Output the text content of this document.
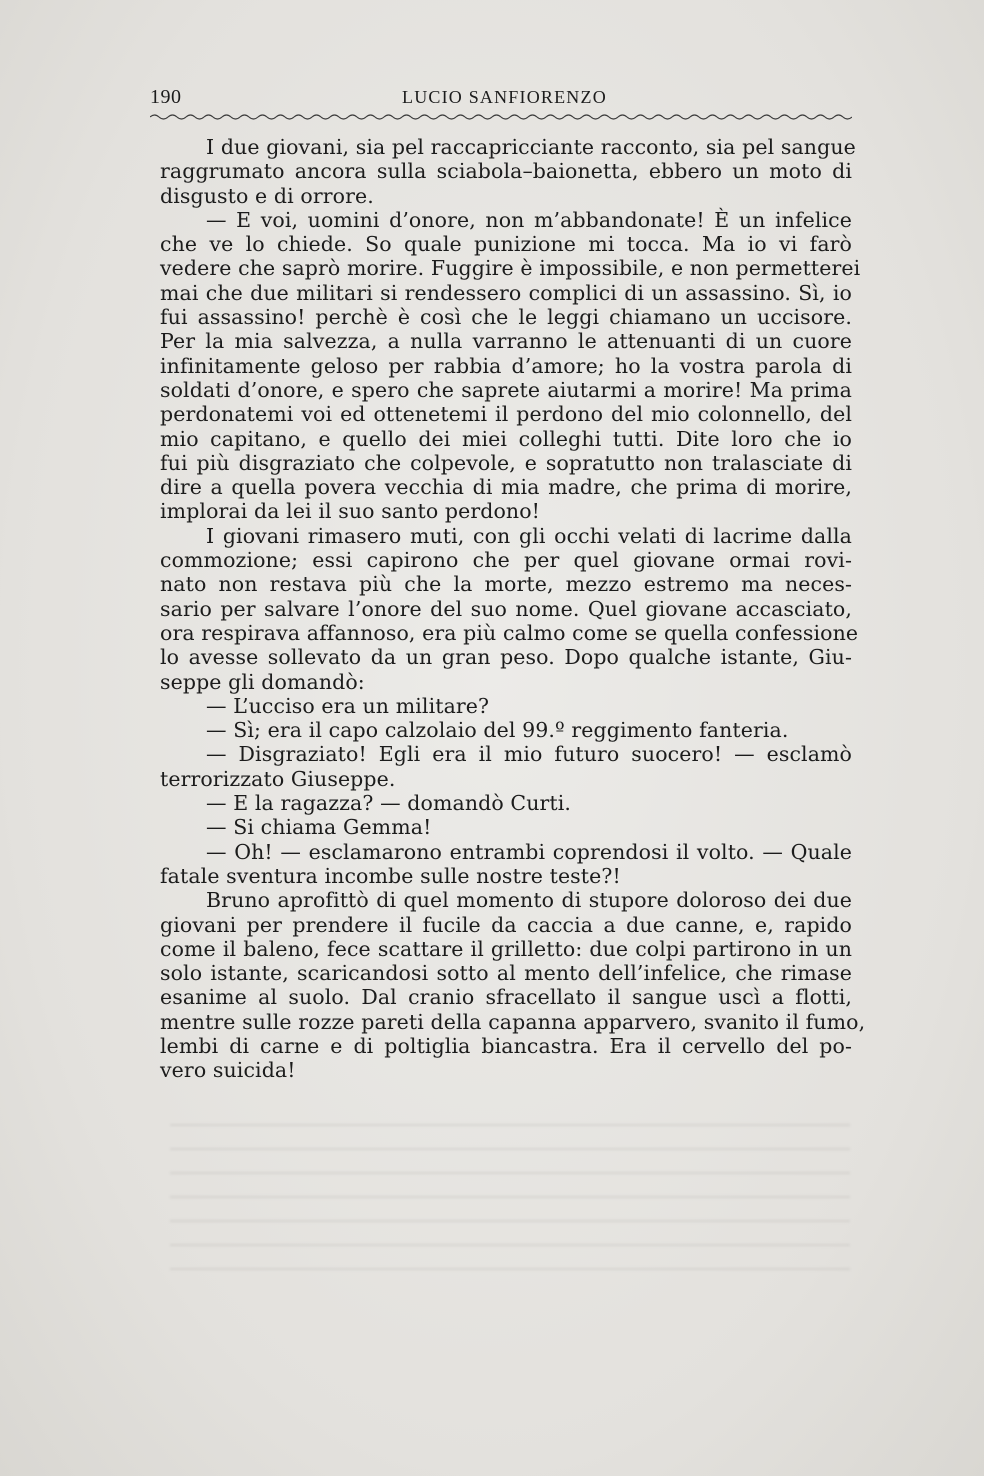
190	LUCIO SANFIORENZO
I due giovani, sia pel raccapricciante racconto, sia pel sangue
raggrumato ancora sulla sciabola–baionetta, ebbero un moto di
disgusto e di orrore.
— E voi, uomini d’onore, non m’abbandonate! È un infelice
che ve lo chiede. So quale punizione mi tocca. Ma io vi farò
vedere che saprò morire. Fuggire è impossibile, e non permetterei
mai che due militari si rendessero complici di un assassino. Sì, io
fui assassino! perchè è così che le leggi chiamano un uccisore.
Per la mia salvezza, a nulla varranno le attenuanti di un cuore
infinitamente geloso per rabbia d’amore; ho la vostra parola di
soldati d’onore, e spero che saprete aiutarmi a morire! Ma prima
perdonatemi voi ed ottenetemi il perdono del mio colonnello, del
mio capitano, e quello dei miei colleghi tutti. Dite loro che io
fui più disgraziato che colpevole, e sopratutto non tralasciate di
dire a quella povera vecchia di mia madre, che prima di morire,
implorai da lei il suo santo perdono!
I giovani rimasero muti, con gli occhi velati di lacrime dalla
commozione; essi capirono che per quel giovane ormai rovi-
nato non restava più che la morte, mezzo estremo ma neces-
sario per salvare l’onore del suo nome. Quel giovane accasciato,
ora respirava affannoso, era più calmo come se quella confessione
lo avesse sollevato da un gran peso. Dopo qualche istante, Giu-
seppe gli domandò:
— L’ucciso era un militare?
— Sì; era il capo calzolaio del 99.º reggimento fanteria.
— Disgraziato! Egli era il mio futuro suocero! — esclamò
terrorizzato Giuseppe.
— E la ragazza? — domandò Curti.
— Si chiama Gemma!
— Oh! — esclamarono entrambi coprendosi il volto. — Quale
fatale sventura incombe sulle nostre teste?!
Bruno aprofittò di quel momento di stupore doloroso dei due
giovani per prendere il fucile da caccia a due canne, e, rapido
come il baleno, fece scattare il grilletto: due colpi partirono in un
solo istante, scaricandosi sotto al mento dell’infelice, che rimase
esanime al suolo. Dal cranio sfracellato il sangue uscì a flotti,
mentre sulle rozze pareti della capanna apparvero, svanito il fumo,
lembi di carne e di poltiglia biancastra. Era il cervello del po-
vero suicida!
